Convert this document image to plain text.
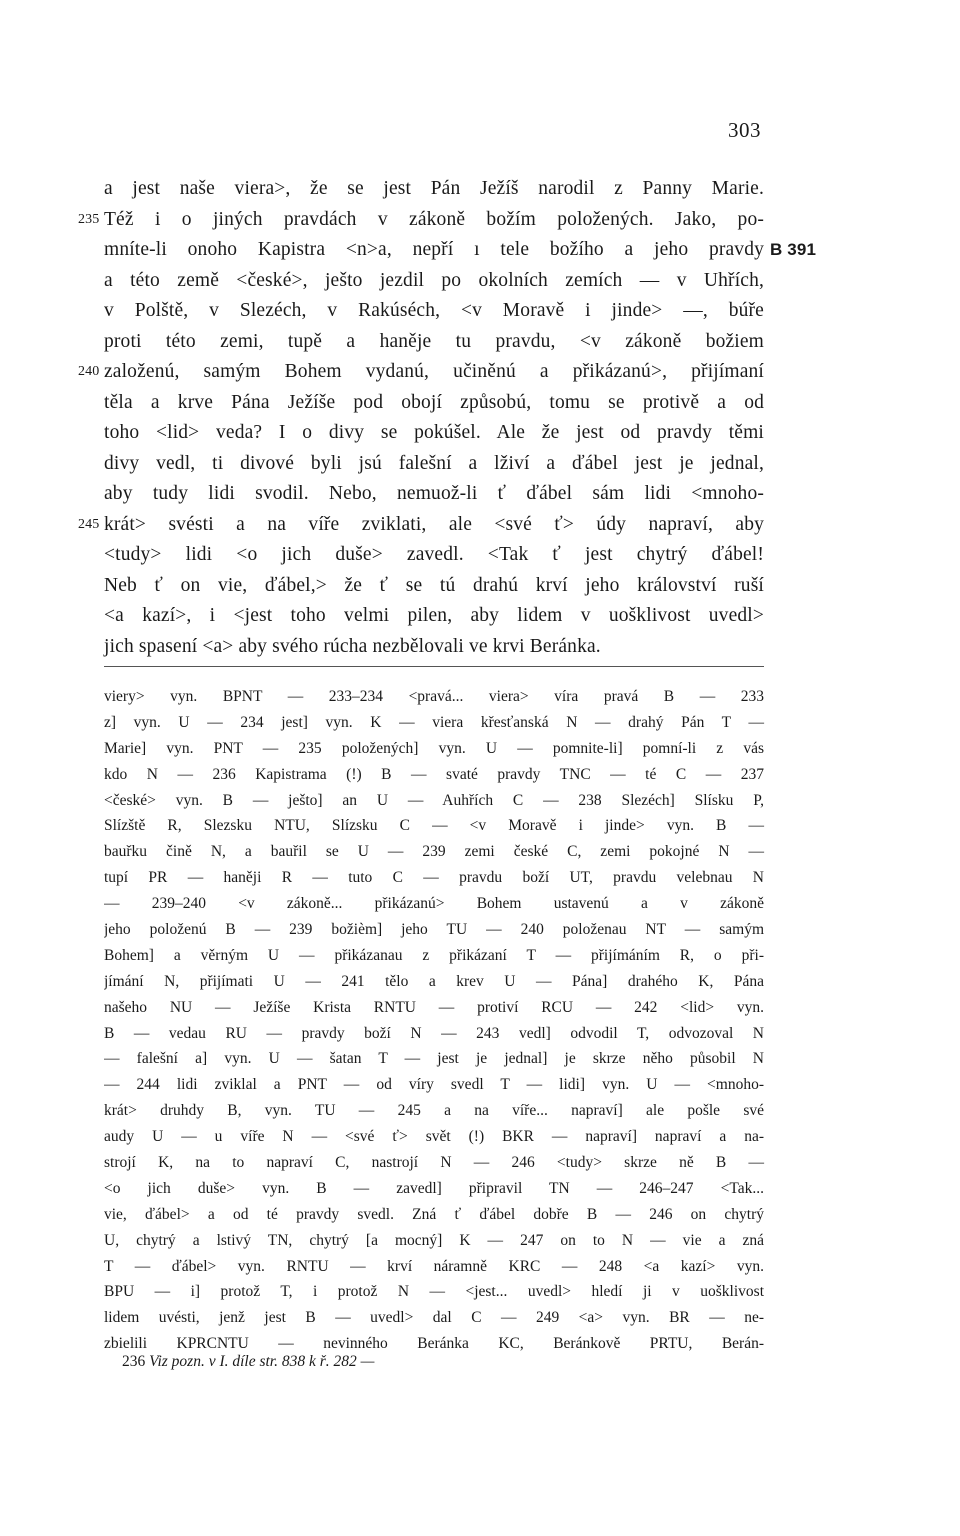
303
a jest naše viera>, že se jest Pán Ježíš narodil z Panny Marie.
235 Též i o jiných pravdách v zákoně božím položených. Jako, po-
mníte-li onoho Kapistra <n>a, nepří ı tele božího a jeho pravdy B 391
a této země <české>, ješto jezdil po okolních zemích — v Uhřích,
v Polště, v Slezéch, v Rakúséch, <v Moravě i jinde> —, búře
proti této zemi, tupě a haněje tu pravdu, <v zákoně božiem
240 založenú, samým Bohem vydanú, učiněnú a přikázanú>, přijímaní
těla a krve Pána Ježíše pod obojí způsobú, tomu se protivě a od
toho <lid> veda? I o divy se pokúšel. Ale že jest od pravdy těmi
divy vedl, ti divové byli jsú falešní a lživí a ďábel jest je jednal,
aby tudy lidi svodil. Nebo, nemuož-li ť ďábel sám lidi <mnoho-
245 krát> svésti a na víře zviklati, ale <své ť> údy napraví, aby
<tudy> lidi <o jich duše> zavedl. <Tak ť jest chytrý ďábel!
Neb ť on vie, ďábel,> že ť se tú drahú krví jeho království ruší
<a kazí>, i <jest toho velmi pilen, aby lidem v uošklivost uvedl>
jich spasení <a> aby svého rúcha nezbělovali ve krvi Beránka.
viery> vyn. BPNT — 233–234 <pravá... viera> víra pravá B — 233
z] vyn. U — 234 jest] vyn. K — viera křesťanská N — drahý Pán T —
Marie] vyn. PNT — 235 položených] vyn. U — pomnite-li] pomní-li z vás
kdo N — 236 Kapistrama (!) B — svaté pravdy TNC — té C — 237
<české> vyn. B — ješto] an U — Auhřích C — 238 Slezéch] Slísku P,
Slízště R, Slezsku NTU, Slízsku C — <v Moravě i jinde> vyn. B —
bauřku čině N, a bauřil se U — 239 zemi české C, zemi pokojné N —
tupí PR — haněji R — tuto C — pravdu boží UT, pravdu velebnau N
— 239–240 <v zákoně... přikázanú> Bohem ustavenú a v zákoně
jeho položenú B — 239 božièm] jeho TU — 240 položenau NT — samým
Bohem] a věrným U — přikázanau z přikázaní T — přijímáním R, o při-
jímání N, přijímati U — 241 tělo a krev U — Pána] drahého K, Pána
našeho NU — Ježíše Krista RNTU — protiví RCU — 242 <lid> vyn.
B — vedau RU — pravdy boží N — 243 vedl] odvodil T, odvozoval N
— falešní a] vyn. U — šatan T — jest je jednal] je skrze něho působil N
— 244 lidi zviklal a PNT — od víry svedl T — lidi] vyn. U — <mnoho-
krát> druhdy B, vyn. TU — 245 a na víře... napraví] ale pošle své
audy U — u víře N — <své ť> svět (!) BKR — napraví] napraví a na-
strojí K, na to napraví C, nastrojí N — 246 <tudy> skrze ně B —
<o jich duše> vyn. B — zavedl] připravil TN — 246–247 <Tak...
vie, ďábel> a od té pravdy svedl. Zná ť ďábel dobře B — 246 on chytrý
U, chytrý a lstivý TN, chytrý [a mocný] K — 247 on to N — vie a zná
T — ďábel> vyn. RNTU — krví náramně KRC — 248 <a kazí> vyn.
BPU — i] protož T, i protož N — <jest... uvedl> hledí ji v uošklivost
lidem uvésti, jenž jest B — uvedl> dal C — 249 <a> vyn. BR — ne-
zbielili KPRCNTU — nevinného Beránka KC, Beránkově PRTU, Berán-
236 Viz pozn. v I. díle str. 838 k ř. 282 —
